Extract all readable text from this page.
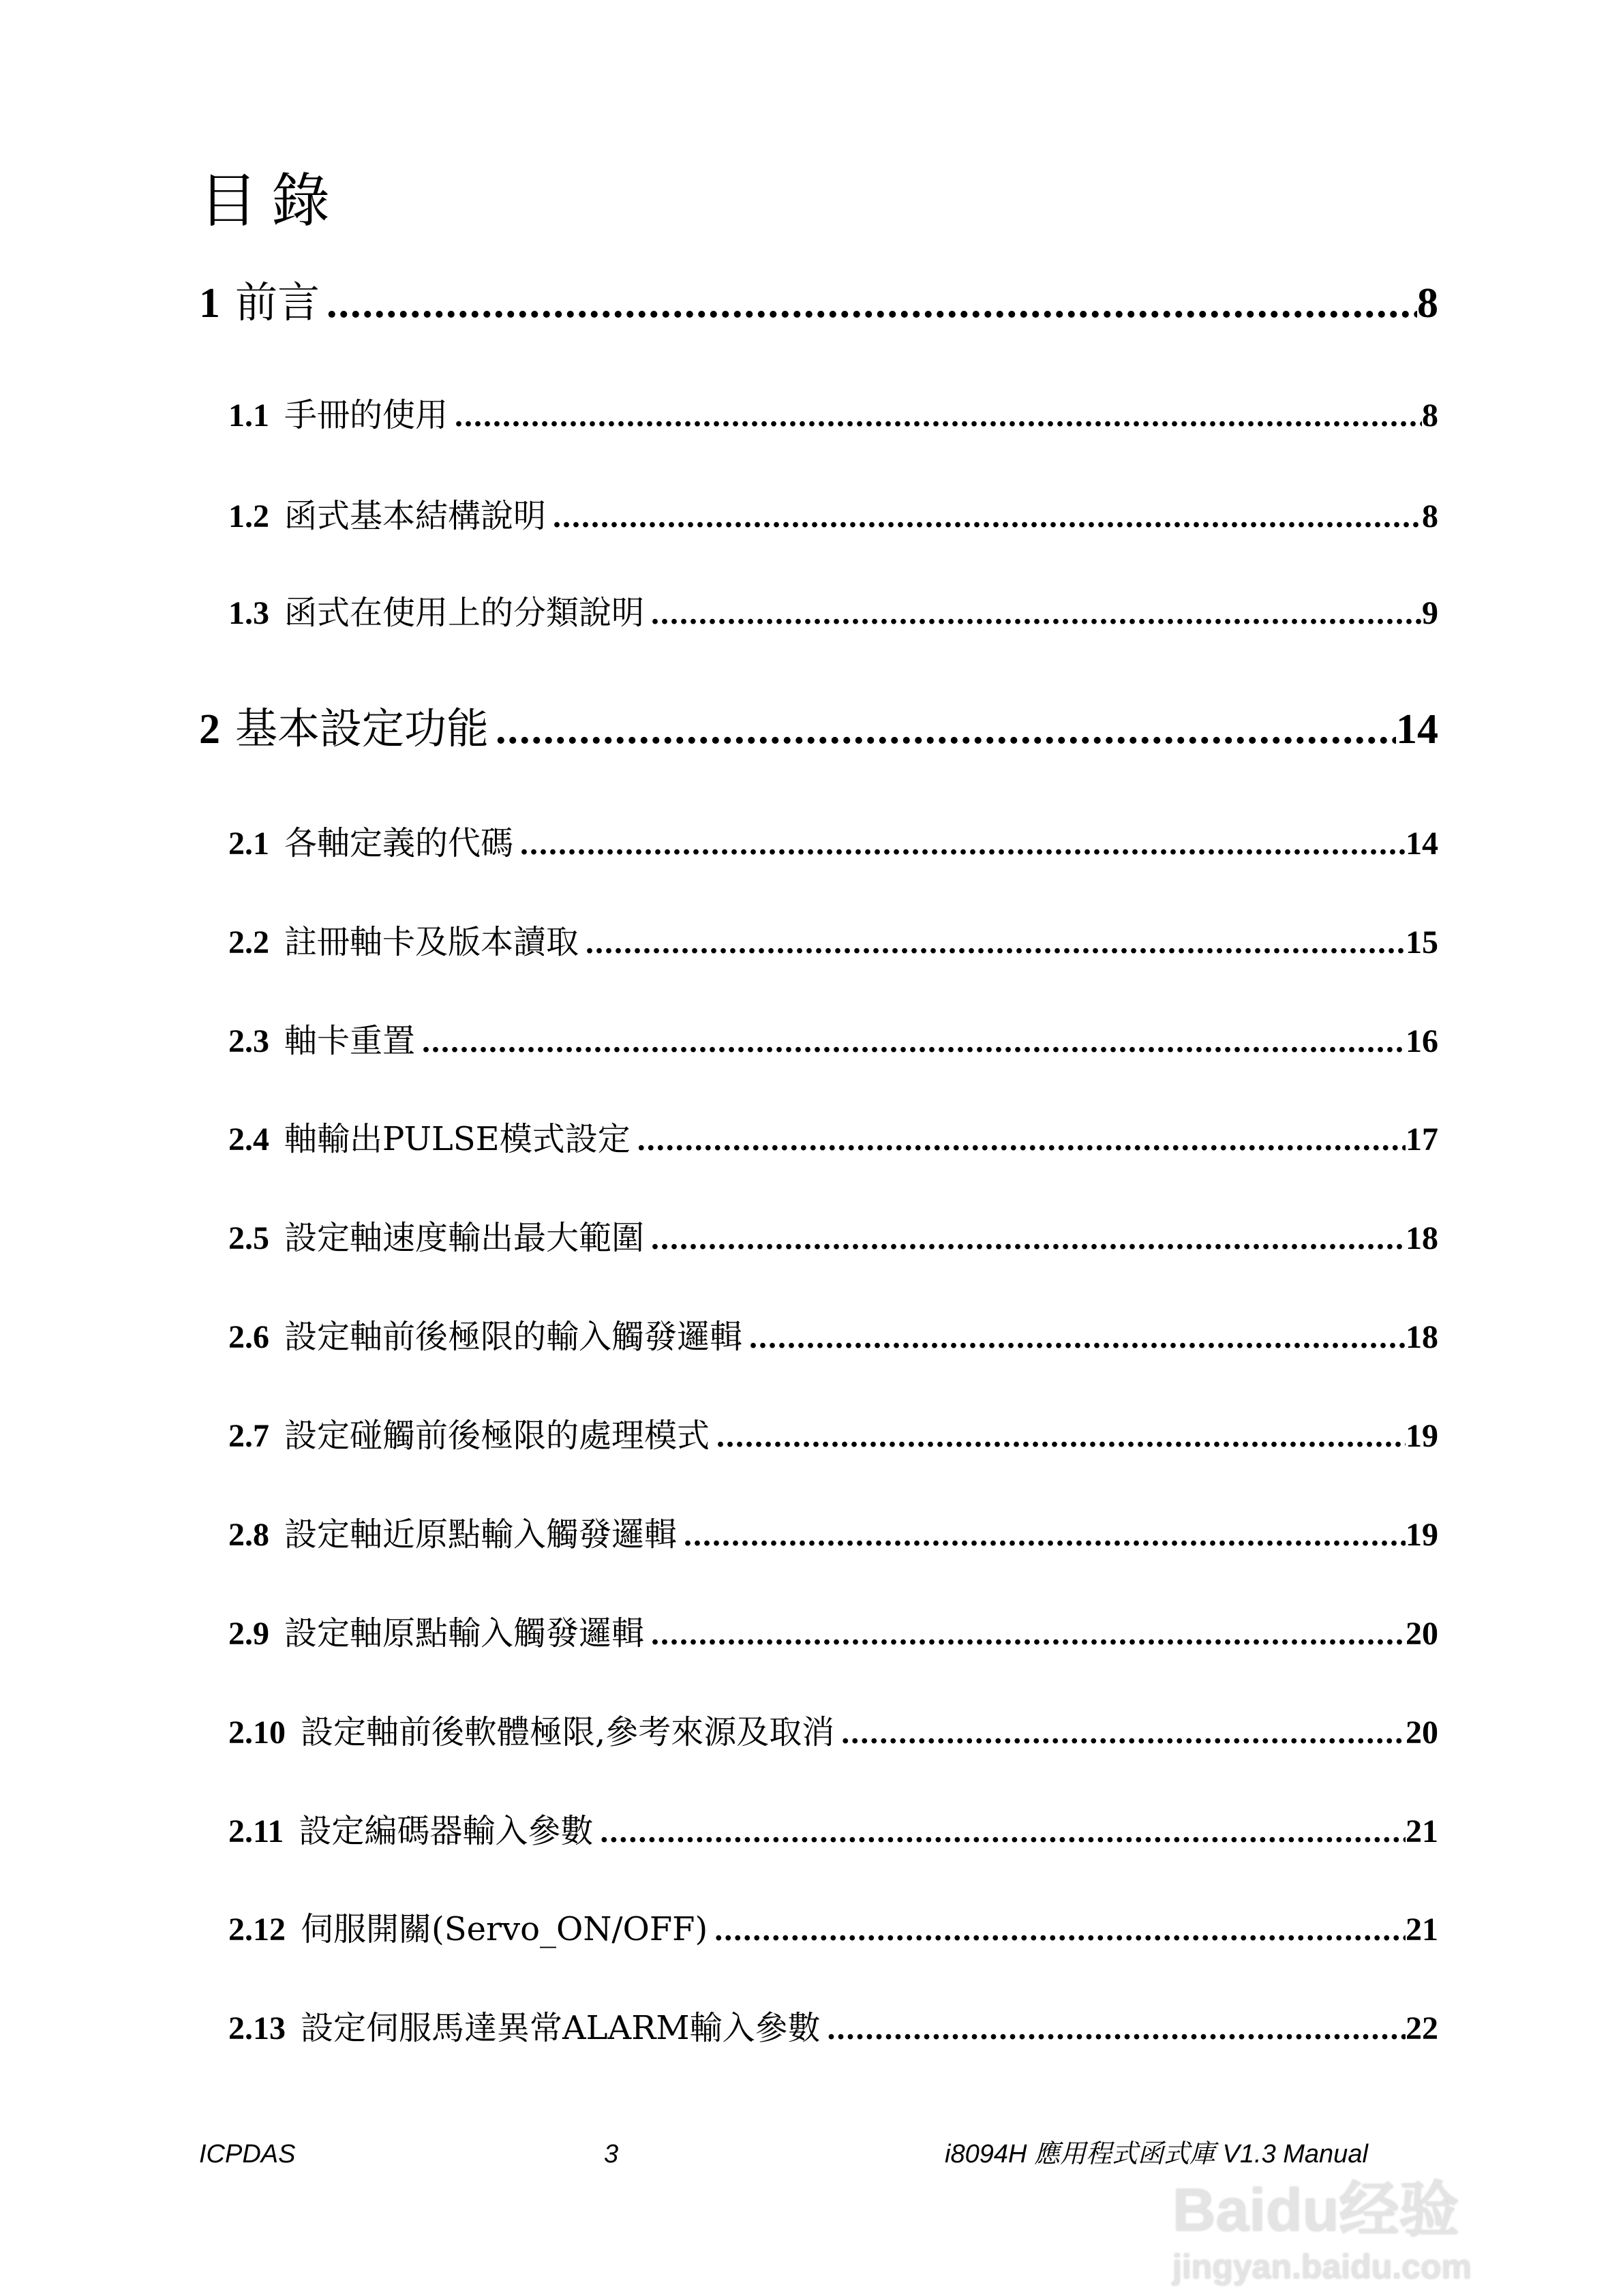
目錄
1 前言 .....	8
1.1 手冊的使用 .....	8
1.2 函式基本結構說明 .....	8
1.3 函式在使用上的分類說明 .....	9
2 基本設定功能 .....	14
2.1 各軸定義的代碼 .....	14
2.2 註冊軸卡及版本讀取 .....	15
2.3 軸卡重置 .....	16
2.4 軸輸出PULSE模式設定 .....	17
2.5 設定軸速度輸出最大範圍 .....	18
2.6 設定軸前後極限的輸入觸發邏輯 .....	18
2.7 設定碰觸前後極限的處理模式 .....	19
2.8 設定軸近原點輸入觸發邏輯 .....	19
2.9 設定軸原點輸入觸發邏輯 .....	20
2.10 設定軸前後軟體極限,參考來源及取消 .....	20
2.11 設定編碼器輸入參數 .....	21
2.12 伺服開關(Servo_ON/OFF) .....	21
2.13 設定伺服馬達異常ALARM輸入參數 .....	22
ICPDAS	3	i8094H 應用程式函式庫 V1.3 Manual
Baidu经验
jingyan.baidu.com
